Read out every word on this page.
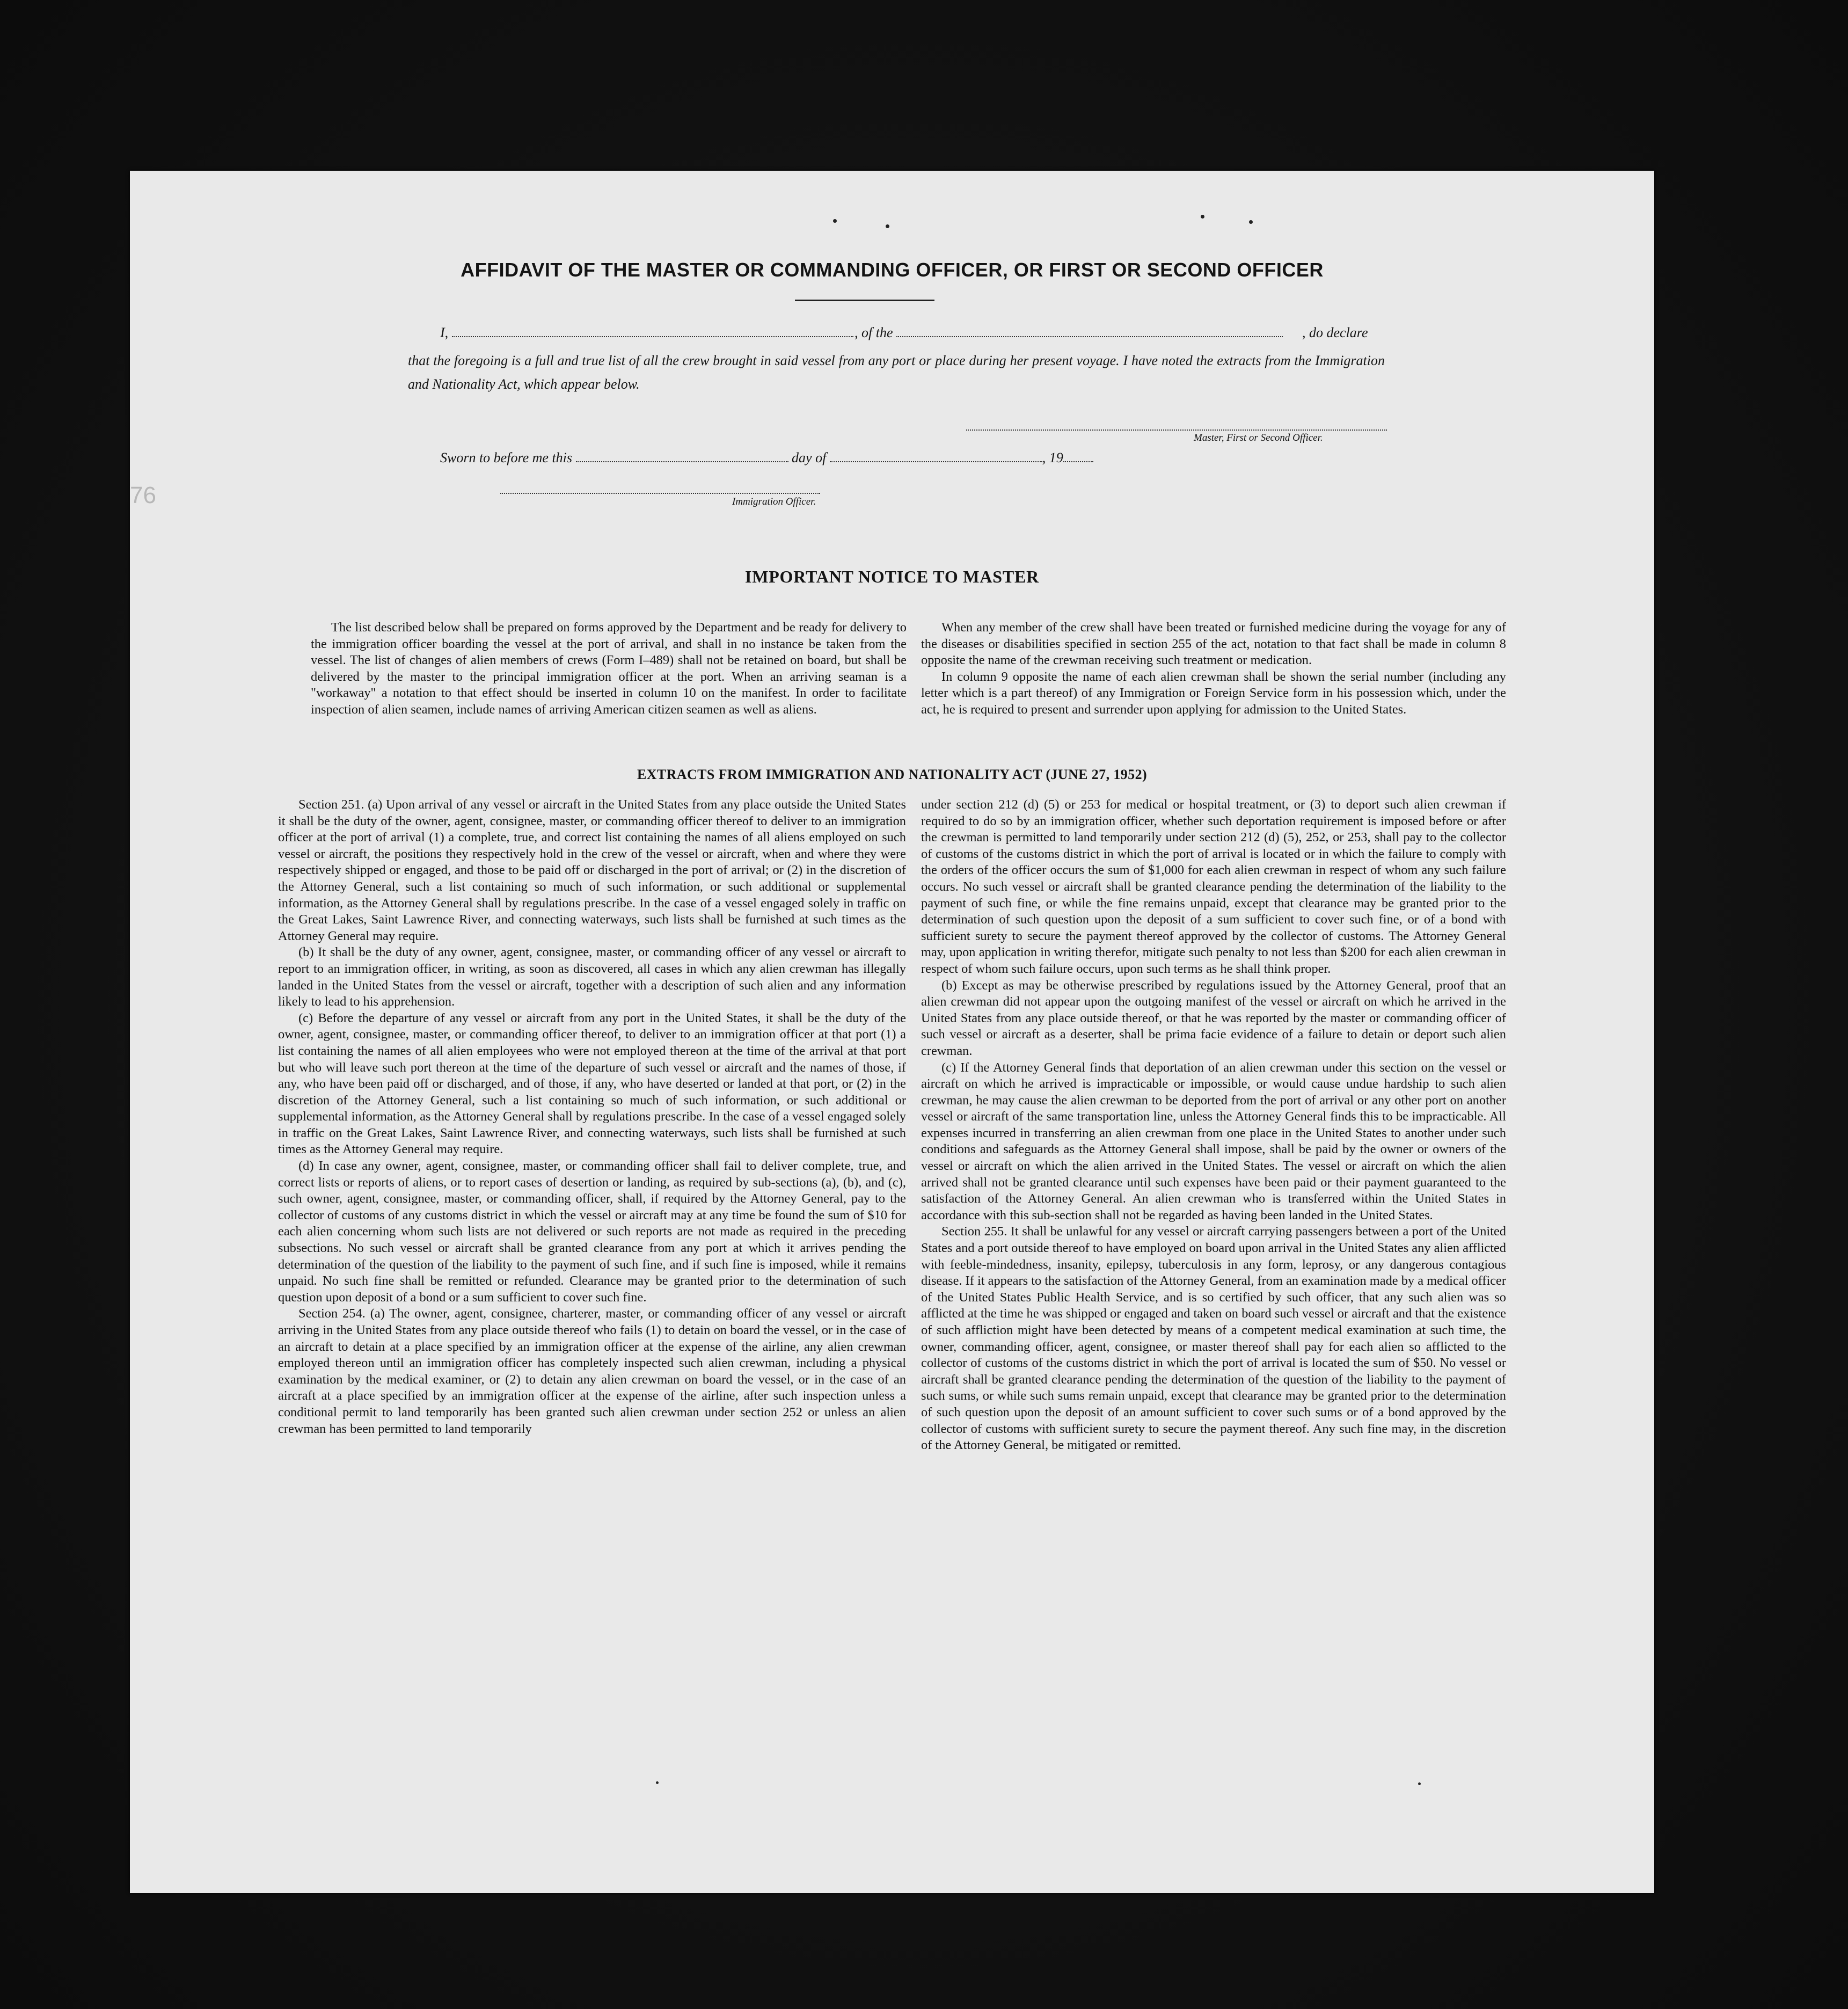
76
AFFIDAVIT OF THE MASTER OR COMMANDING OFFICER, OR FIRST OR SECOND OFFICER
I,	, of the	, do declare
that the foregoing is a full and true list of all the crew brought in said vessel from any port or place during her present voyage. I have noted the extracts from the Immigration and Nationality Act, which appear below.
Master, First or Second Officer.
Sworn to before me this	day of	, 19
Immigration Officer.
IMPORTANT NOTICE TO MASTER

The list described below shall be prepared on forms approved by the Department and be ready for delivery to the immigration officer boarding the vessel at the port of arrival, and shall in no instance be taken from the vessel. The list of changes of alien members of crews (Form I–489) shall not be retained on board, but shall be delivered by the master to the principal immigration officer at the port. When an arriving seaman is a "workaway" a notation to that effect should be inserted in column 10 on the manifest. In order to facilitate inspection of alien seamen, include names of arriving American citizen seamen as well as aliens.

When any member of the crew shall have been treated or furnished medicine during the voyage for any of the diseases or disabilities specified in section 255 of the act, notation to that fact shall be made in column 8 opposite the name of the crewman receiving such treatment or medication.

In column 9 opposite the name of each alien crewman shall be shown the serial number (including any letter which is a part thereof) of any Immigration or Foreign Service form in his possession which, under the act, he is required to present and surrender upon applying for admission to the United States.

EXTRACTS FROM IMMIGRATION AND NATIONALITY ACT (JUNE 27, 1952)

Section 251. (a) Upon arrival of any vessel or aircraft in the United States from any place outside the United States it shall be the duty of the owner, agent, consignee, master, or commanding officer thereof to deliver to an immigration officer at the port of arrival (1) a complete, true, and correct list containing the names of all aliens employed on such vessel or aircraft, the positions they respectively hold in the crew of the vessel or aircraft, when and where they were respectively shipped or engaged, and those to be paid off or discharged in the port of arrival; or (2) in the discretion of the Attorney General, such a list containing so much of such information, or such additional or supplemental information, as the Attorney General shall by regulations prescribe. In the case of a vessel engaged solely in traffic on the Great Lakes, Saint Lawrence River, and connecting waterways, such lists shall be furnished at such times as the Attorney General may require.

(b) It shall be the duty of any owner, agent, consignee, master, or commanding officer of any vessel or aircraft to report to an immigration officer, in writing, as soon as discovered, all cases in which any alien crewman has illegally landed in the United States from the vessel or aircraft, together with a description of such alien and any information likely to lead to his apprehension.

(c) Before the departure of any vessel or aircraft from any port in the United States, it shall be the duty of the owner, agent, consignee, master, or commanding officer thereof, to deliver to an immigration officer at that port (1) a list containing the names of all alien employees who were not employed thereon at the time of the arrival at that port but who will leave such port thereon at the time of the departure of such vessel or aircraft and the names of those, if any, who have been paid off or discharged, and of those, if any, who have deserted or landed at that port, or (2) in the discretion of the Attorney General, such a list containing so much of such information, or such additional or supplemental information, as the Attorney General shall by regulations prescribe. In the case of a vessel engaged solely in traffic on the Great Lakes, Saint Lawrence River, and connecting waterways, such lists shall be furnished at such times as the Attorney General may require.

(d) In case any owner, agent, consignee, master, or commanding officer shall fail to deliver complete, true, and correct lists or reports of aliens, or to report cases of desertion or landing, as required by sub-sections (a), (b), and (c), such owner, agent, consignee, master, or commanding officer, shall, if required by the Attorney General, pay to the collector of customs of any customs district in which the vessel or aircraft may at any time be found the sum of $10 for each alien concerning whom such lists are not delivered or such reports are not made as required in the preceding subsections. No such vessel or aircraft shall be granted clearance from any port at which it arrives pending the determination of the question of the liability to the payment of such fine, and if such fine is imposed, while it remains unpaid. No such fine shall be remitted or refunded. Clearance may be granted prior to the determination of such question upon deposit of a bond or a sum sufficient to cover such fine.

Section 254. (a) The owner, agent, consignee, charterer, master, or commanding officer of any vessel or aircraft arriving in the United States from any place outside thereof who fails (1) to detain on board the vessel, or in the case of an aircraft to detain at a place specified by an immigration officer at the expense of the airline, any alien crewman employed thereon until an immigration officer has completely inspected such alien crewman, including a physical examination by the medical examiner, or (2) to detain any alien crewman on board the vessel, or in the case of an aircraft at a place specified by an immigration officer at the expense of the airline, after such inspection unless a conditional permit to land temporarily has been granted such alien crewman under section 252 or unless an alien crewman has been permitted to land temporarily

under section 212 (d) (5) or 253 for medical or hospital treatment, or (3) to deport such alien crewman if required to do so by an immigration officer, whether such deportation requirement is imposed before or after the crewman is permitted to land temporarily under section 212 (d) (5), 252, or 253, shall pay to the collector of customs of the customs district in which the port of arrival is located or in which the failure to comply with the orders of the officer occurs the sum of $1,000 for each alien crewman in respect of whom any such failure occurs. No such vessel or aircraft shall be granted clearance pending the determination of the liability to the payment of such fine, or while the fine remains unpaid, except that clearance may be granted prior to the determination of such question upon the deposit of a sum sufficient to cover such fine, or of a bond with sufficient surety to secure the payment thereof approved by the collector of customs. The Attorney General may, upon application in writing therefor, mitigate such penalty to not less than $200 for each alien crewman in respect of whom such failure occurs, upon such terms as he shall think proper.

(b) Except as may be otherwise prescribed by regulations issued by the Attorney General, proof that an alien crewman did not appear upon the outgoing manifest of the vessel or aircraft on which he arrived in the United States from any place outside thereof, or that he was reported by the master or commanding officer of such vessel or aircraft as a deserter, shall be prima facie evidence of a failure to detain or deport such alien crewman.

(c) If the Attorney General finds that deportation of an alien crewman under this section on the vessel or aircraft on which he arrived is impracticable or impossible, or would cause undue hardship to such alien crewman, he may cause the alien crewman to be deported from the port of arrival or any other port on another vessel or aircraft of the same transportation line, unless the Attorney General finds this to be impracticable. All expenses incurred in transferring an alien crewman from one place in the United States to another under such conditions and safeguards as the Attorney General shall impose, shall be paid by the owner or owners of the vessel or aircraft on which the alien arrived in the United States. The vessel or aircraft on which the alien arrived shall not be granted clearance until such expenses have been paid or their payment guaranteed to the satisfaction of the Attorney General. An alien crewman who is transferred within the United States in accordance with this sub-section shall not be regarded as having been landed in the United States.

Section 255. It shall be unlawful for any vessel or aircraft carrying passengers between a port of the United States and a port outside thereof to have employed on board upon arrival in the United States any alien afflicted with feeble-mindedness, insanity, epilepsy, tuberculosis in any form, leprosy, or any dangerous contagious disease. If it appears to the satisfaction of the Attorney General, from an examination made by a medical officer of the United States Public Health Service, and is so certified by such officer, that any such alien was so afflicted at the time he was shipped or engaged and taken on board such vessel or aircraft and that the existence of such affliction might have been detected by means of a competent medical examination at such time, the owner, commanding officer, agent, consignee, or master thereof shall pay for each alien so afflicted to the collector of customs of the customs district in which the port of arrival is located the sum of $50. No vessel or aircraft shall be granted clearance pending the determination of the question of the liability to the payment of such sums, or while such sums remain unpaid, except that clearance may be granted prior to the determination of such question upon the deposit of an amount sufficient to cover such sums or of a bond approved by the collector of customs with sufficient surety to secure the payment thereof. Any such fine may, in the discretion of the Attorney General, be mitigated or remitted.
